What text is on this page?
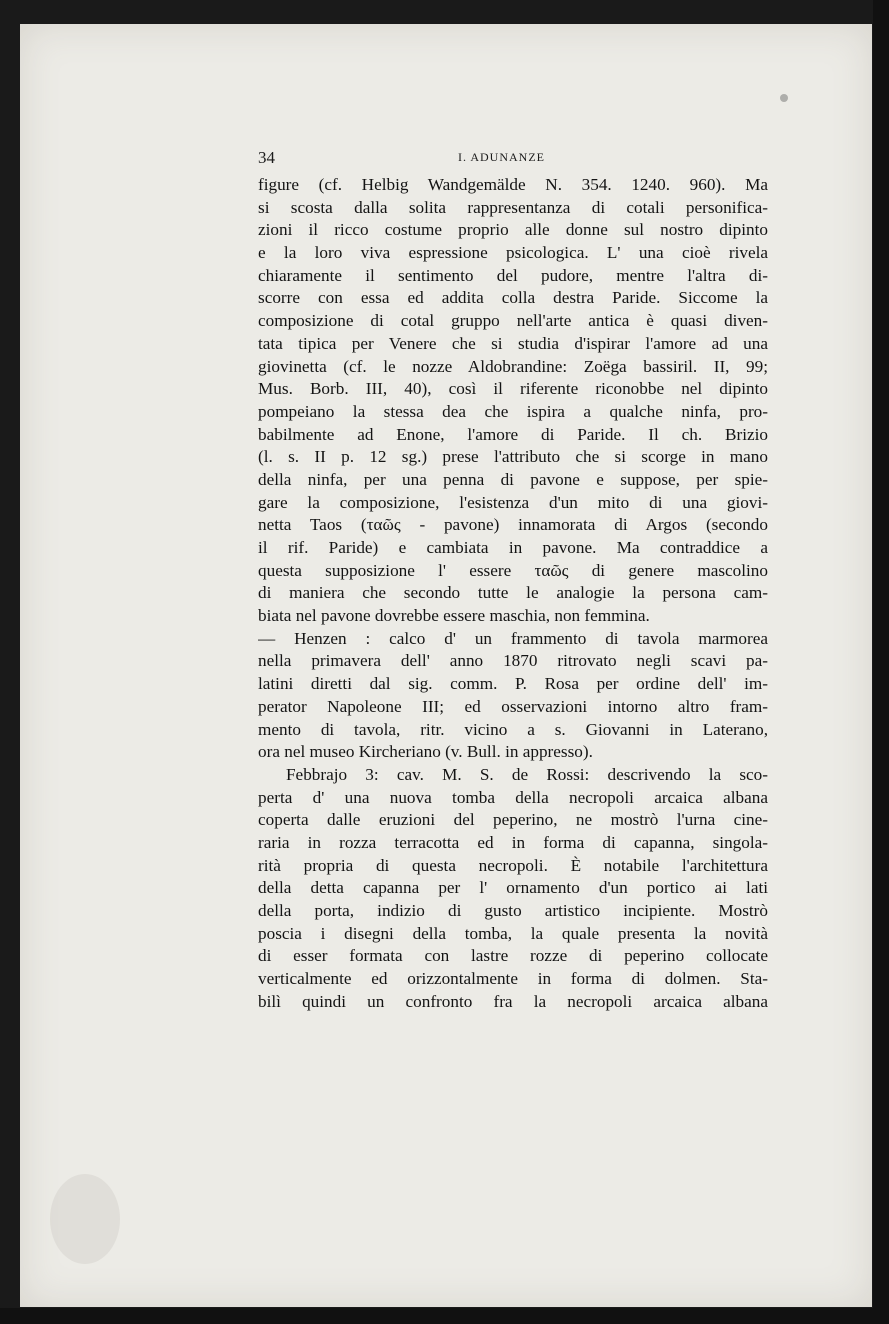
34	I. ADUNANZE
figure (cf. Helbig Wandgemälde N. 354. 1240. 960). Ma
si scosta dalla solita rappresentanza di cotali personifica-
zioni il ricco costume proprio alle donne sul nostro dipinto
e la loro viva espressione psicologica. L' una cioè rivela
chiaramente il sentimento del pudore, mentre l'altra di-
scorre con essa ed addita colla destra Paride. Siccome la
composizione di cotal gruppo nell'arte antica è quasi diven-
tata tipica per Venere che si studia d'ispirar l'amore ad una
giovinetta (cf. le nozze Aldobrandine: Zoëga bassiril. II, 99;
Mus. Borb. III, 40), così il riferente riconobbe nel dipinto
pompeiano la stessa dea che ispira a qualche ninfa, pro-
babilmente ad Enone, l'amore di Paride. Il ch. Brizio
(l. s. II p. 12 sg.) prese l'attributo che si scorge in mano
della ninfa, per una penna di pavone e suppose, per spie-
gare la composizione, l'esistenza d'un mito di una giovi-
netta Taos (ταῶς - pavone) innamorata di Argos (secondo
il rif. Paride) e cambiata in pavone. Ma contraddice a
questa supposizione l' essere ταῶς di genere mascolino
di maniera che secondo tutte le analogie la persona cam-
biata nel pavone dovrebbe essere maschia, non femmina.
— Henzen : calco d' un frammento di tavola marmorea
nella primavera dell' anno 1870 ritrovato negli scavi pa-
latini diretti dal sig. comm. P. Rosa per ordine dell' im-
perator Napoleone III; ed osservazioni intorno altro fram-
mento di tavola, ritr. vicino a s. Giovanni in Laterano,
ora nel museo Kircheriano (v. Bull. in appresso).
Febbrajo 3: cav. M. S. de Rossi: descrivendo la sco-
perta d' una nuova tomba della necropoli arcaica albana
coperta dalle eruzioni del peperino, ne mostrò l'urna cine-
raria in rozza terracotta ed in forma di capanna, singola-
rità propria di questa necropoli. È notabile l'architettura
della detta capanna per l' ornamento d'un portico ai lati
della porta, indizio di gusto artistico incipiente. Mostrò
poscia i disegni della tomba, la quale presenta la novità
di esser formata con lastre rozze di peperino collocate
verticalmente ed orizzontalmente in forma di dolmen. Sta-
bilì quindi un confronto fra la necropoli arcaica albana
